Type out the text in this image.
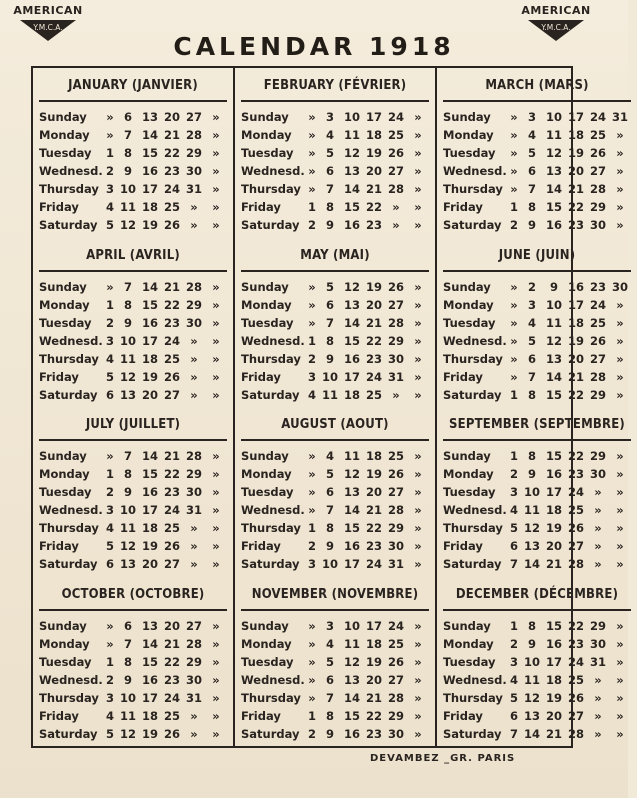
AMERICAN
Y.M.C.A.
AMERICAN
Y.M.C.A.
CALENDAR 1918
JANUARY (JANVIER)
Sunday	» 6 13 20 27 »
Monday	» 7 14 21 28 »
Tuesday	1 8 15 22 29 »
Wednesd. 2 9 16 23 30 »
Thursday 3 10 17 24 31 »
Friday	4 11 18 25 »	»
Saturday 5 12 19 26 »	»
FEBRUARY (FÉVRIER)
Sunday	» 3 10 17 24 »
Monday	» 4 11 18 25 »
Tuesday	» 5 12 19 26 »
Wednesd. » 6 13 20 27 »
Thursday » 7 14 21 28 »
Friday	1 8 15 22 »	»
Saturday 2 9 16 23 »	»
MARCH (MARS)
Sunday	» 3 10 17 24 31
Monday	» 4 11 18 25 »
Tuesday	» 5 12 19 26 »
Wednesd. » 6 13 20 27 »
Thursday » 7 14 21 28 »
Friday	1 8 15 22 29 »
Saturday 2 9 16 23 30 »
APRIL (AVRIL)
Sunday	» 7 14 21 28 »
Monday	1 8 15 22 29 »
Tuesday	2 9 16 23 30 »
Wednesd. 3 10 17 24 »	»
Thursday 4 11 18 25 »	»
Friday	5 12 19 26 »	»
Saturday 6 13 20 27 »	»
MAY (MAI)
Sunday	» 5 12 19 26 »
Monday	» 6 13 20 27 »
Tuesday	» 7 14 21 28 »
Wednesd. 1 8 15 22 29 »
Thursday 2 9 16 23 30 »
Friday	3 10 17 24 31 »
Saturday 4 11 18 25 »	»
JUNE (JUIN)
Sunday	» 2	9 16 23 30
Monday	» 3 10 17 24 »
Tuesday	» 4 11 18 25 »
Wednesd. » 5 12 19 26 »
Thursday » 6 13 20 27 »
Friday	» 7 14 21 28 »
Saturday 1 8 15 22 29 »
JULY (JUILLET)
Sunday	» 7 14 21 28 »
Monday	1 8 15 22 29 »
Tuesday	2 9 16 23 30 »
Wednesd. 3 10 17 24 31 »
Thursday 4 11 18 25 »	»
Friday	5 12 19 26 »	»
Saturday 6 13 20 27 »	»
AUGUST (AOUT)
Sunday	» 4 11 18 25 »
Monday	» 5 12 19 26 »
Tuesday	» 6 13 20 27 »
Wednesd. » 7 14 21 28 »
Thursday 1 8 15 22 29 »
Friday	2 9 16 23 30 »
Saturday 3 10 17 24 31 »
SEPTEMBER (SEPTEMBRE)
Sunday	1 8 15 22 29 »
Monday	2 9 16 23 30 »
Tuesday	3 10 17 24 »	»
Wednesd. 4 11 18 25 »	»
Thursday 5 12 19 26 »	»
Friday	6 13 20 27 »	»
Saturday 7 14 21 28 »	»
OCTOBER (OCTOBRE)
Sunday	» 6 13 20 27 »
Monday	» 7 14 21 28 »
Tuesday	1 8 15 22 29 »
Wednesd. 2 9 16 23 30 »
Thursday 3 10 17 24 31 »
Friday	4 11 18 25 »	»
Saturday 5 12 19 26 »	»
NOVEMBER (NOVEMBRE)
Sunday	» 3 10 17 24 »
Monday	» 4 11 18 25 »
Tuesday	» 5 12 19 26 »
Wednesd. » 6 13 20 27 »
Thursday » 7 14 21 28 »
Friday	1 8 15 22 29 »
Saturday 2 9 16 23 30 »
DECEMBER (DÉCEMBRE)
Sunday	1 8 15 22 29 »
Monday	2 9 16 23 30 »
Tuesday	3 10 17 24 31 »
Wednesd. 4 11 18 25 »	»
Thursday 5 12 19 26 »	»
Friday	6 13 20 27 »	»
Saturday 7 14 21 28 »	»
DEVAMBEZ _GR. PARIS
